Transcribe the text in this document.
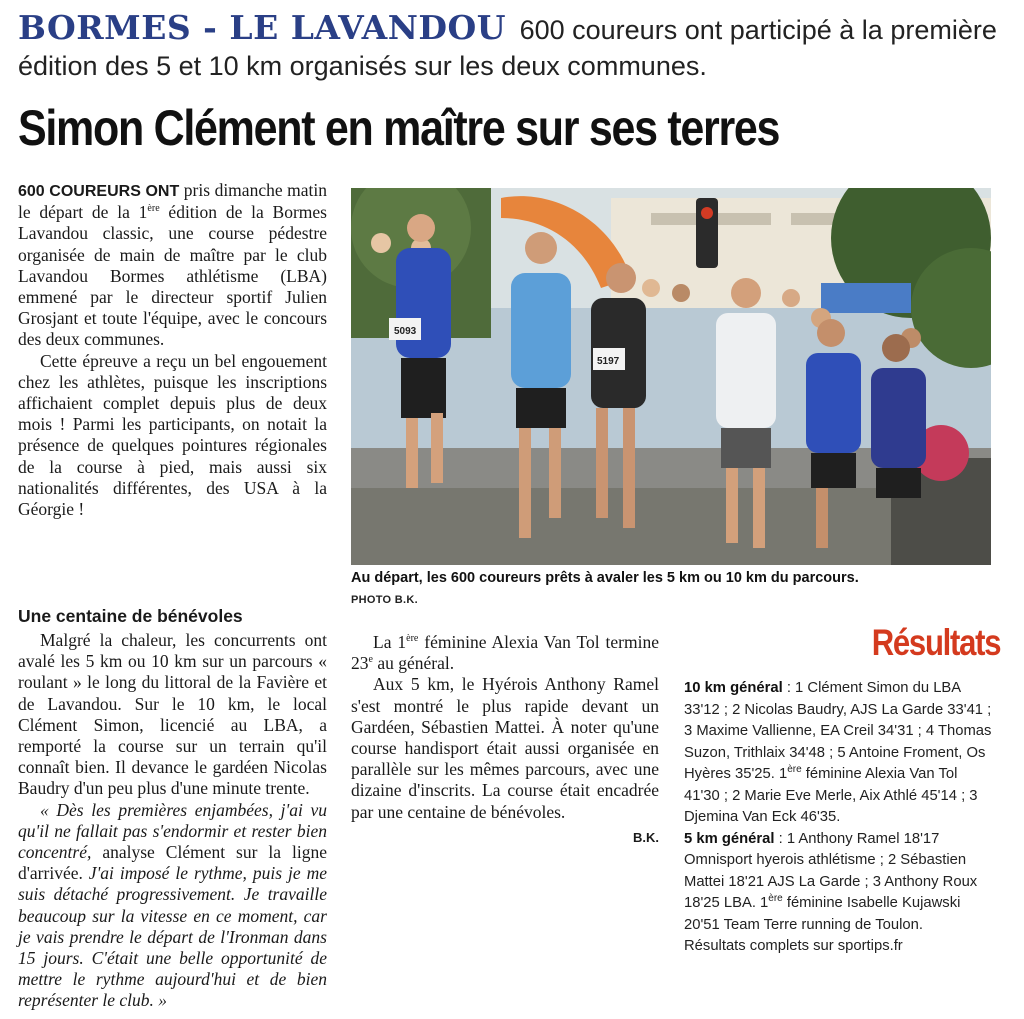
BORMES - LE LAVANDOU 600 coureurs ont participé à la première édition des 5 et 10 km organisés sur les deux communes.
Simon Clément en maître sur ses terres

600 COUREURS ONT pris dimanche matin le départ de la 1ère édition de la Bormes Lavandou classic, une course pédestre organisée de main de maître par le club Lavandou Bormes athlétisme (LBA) emmené par le directeur sportif Julien Grosjant et toute l'équipe, avec le concours des deux communes.

Cette épreuve a reçu un bel engouement chez les athlètes, puisque les inscriptions affichaient complet depuis plus de deux mois ! Parmi les participants, on notait la présence de quelques pointures régionales de la course à pied, mais aussi six nationalités différentes, des USA à la Géorgie !

Une centaine de bénévoles

Malgré la chaleur, les concurrents ont avalé les 5 km ou 10 km sur un parcours « roulant » le long du littoral de la Favière et de Lavandou. Sur le 10 km, le local Clément Simon, licencié au LBA, a remporté la course sur un terrain qu'il connaît bien. Il devance le gardéen Nicolas Baudry d'un peu plus d'une minute trente.

« Dès les premières enjambées, j'ai vu qu'il ne fallait pas s'endormir et rester bien concentré, analyse Clément sur la ligne d'arrivée. J'ai imposé le rythme, puis je me suis détaché progressivement. Je travaille beaucoup sur la vitesse en ce moment, car je vais prendre le départ de l'Ironman dans 15 jours. C'était une belle opportunité de mettre le rythme aujourd'hui et de bien représenter le club. »

La 1ère féminine Alexia Van Tol termine 23e au général.

Aux 5 km, le Hyérois Anthony Ramel s'est montré le plus rapide devant un Gardéen, Sébastien Mattei. À noter qu'une course handisport était aussi organisée en parallèle sur les mêmes parcours, avec une dizaine d'inscrits. La course était encadrée par une centaine de bénévoles.

B.K.
5093
5197
Au départ, les 600 coureurs prêts à avaler les 5 km ou 10 km du parcours.
PHOTO B.K.
Résultats

10 km général : 1 Clément Simon du LBA 33'12 ; 2 Nicolas Baudry, AJS La Garde 33'41 ; 3 Maxime Vallienne, EA Creil 34'31 ; 4 Thomas Suzon, Trithlaix 34'48 ; 5 Antoine Froment, Os Hyères 35'25. 1ère féminine Alexia Van Tol 41'30 ; 2 Marie Eve Merle, Aix Athlé 45'14 ; 3 Djemina Van Eck 46'35.

5 km général : 1 Anthony Ramel 18'17 Omnisport hyerois athlétisme ; 2 Sébastien Mattei 18'21 AJS La Garde ; 3 Anthony Roux 18'25 LBA. 1ère féminine Isabelle Kujawski 20'51 Team Terre running de Toulon.

Résultats complets sur sportips.fr
